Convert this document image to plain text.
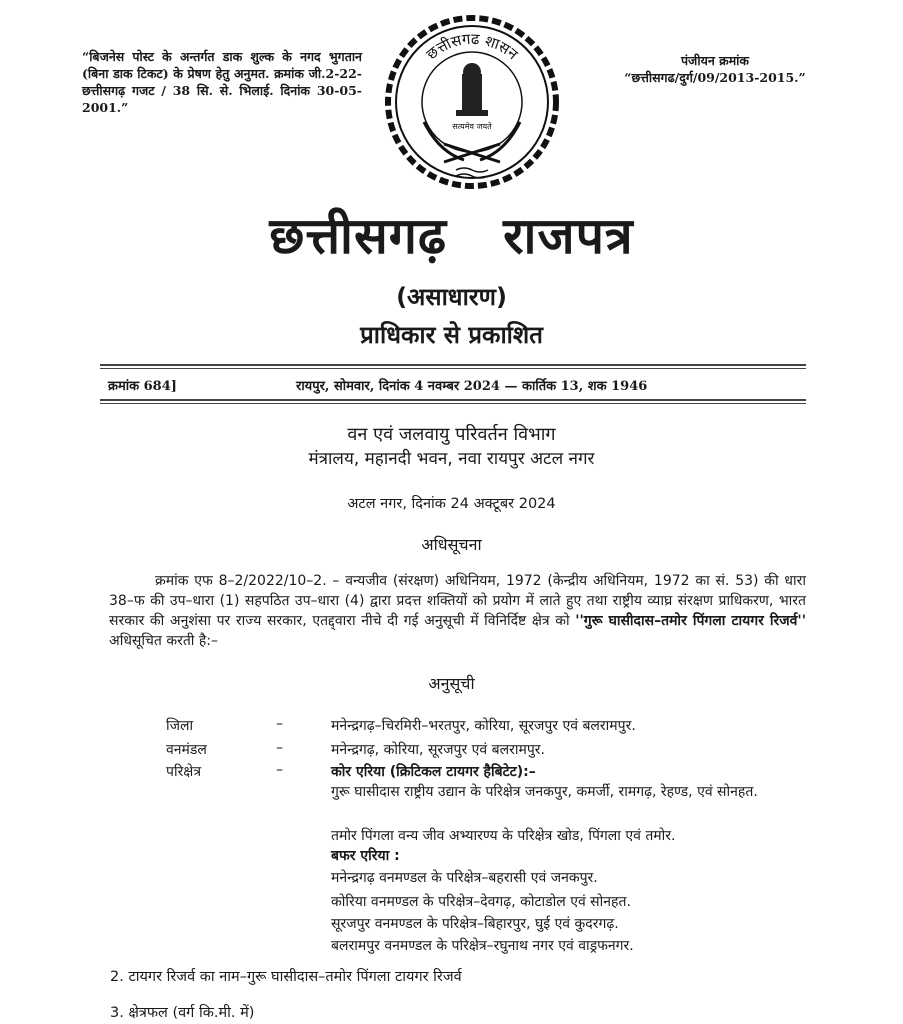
“बिजनेस पोस्ट के अन्तर्गत डाक शुल्क के नगद भुगतान (बिना डाक टिकट) के प्रेषण हेतु अनुमत. क्रमांक जी.2-22-छत्तीसगढ़ गजट / 38 सि. से. भिलाई. दिनांक 30-05-2001.”
पंजीयन क्रमांक
“छत्तीसगढ/दुर्ग/09/2013-2015.”
छत्तीसगढ शासन
सत्यमेव जयते
छत्तीसगढ़ राजपत्र
(असाधारण)
प्राधिकार से प्रकाशित
क्रमांक 684]	रायपुर, सोमवार, दिनांक 4 नवम्बर 2024 — कार्तिक 13, शक 1946
वन एवं जलवायु परिवर्तन विभाग
मंत्रालय, महानदी भवन, नवा रायपुर अटल नगर
अटल नगर, दिनांक 24 अक्टूबर 2024
अधिसूचना
क्रमांक एफ 8–2/2022/10–2. – वन्यजीव (संरक्षण) अधिनियम, 1972 (केन्द्रीय अधिनियम, 1972 का सं. 53) की धारा 38–फ की उप–धारा (1) सहपठित उप–धारा (4) द्वारा प्रदत्त शक्तियों को प्रयोग में लाते हुए तथा राष्ट्रीय व्याघ्र संरक्षण प्राधिकरण, भारत सरकार की अनुशंसा पर राज्य सरकार, एतद्द्वारा नीचे दी गई अनुसूची में विनिर्दिष्ट क्षेत्र को ''गुरू घासीदास–तमोर पिंगला टायगर रिजर्व'' अधिसूचित करती है:–
अनुसूची
जिला	–	मनेन्द्रगढ़–चिरमिरी–भरतपुर, कोरिया, सूरजपुर एवं बलरामपुर.
वनमंडल	–	मनेन्द्रगढ़, कोरिया, सूरजपुर एवं बलरामपुर.
परिक्षेत्र	–	कोर एरिया (क्रिटिकल टायगर हैबिटेट):–
गुरू घासीदास राष्ट्रीय उद्यान के परिक्षेत्र जनकपुर, कमर्जी, रामगढ़, रेहण्ड, एवं सोनहत.
तमोर पिंगला वन्य जीव अभ्यारण्य के परिक्षेत्र खोड, पिंगला एवं तमोर.
बफर एरिया :
मनेन्द्रगढ़ वनमण्डल के परिक्षेत्र–बहरासी एवं जनकपुर.
कोरिया वनमण्डल के परिक्षेत्र–देवगढ़, कोटाडोल एवं सोनहत.
सूरजपुर वनमण्डल के परिक्षेत्र–बिहारपुर, घुई एवं कुदरगढ़.
बलरामपुर वनमण्डल के परिक्षेत्र–रघुनाथ नगर एवं वाड्रफनगर.
2. टायगर रिजर्व का नाम–गुरू घासीदास–तमोर पिंगला टायगर रिजर्व
3. क्षेत्रफल (वर्ग कि.मी. में)
